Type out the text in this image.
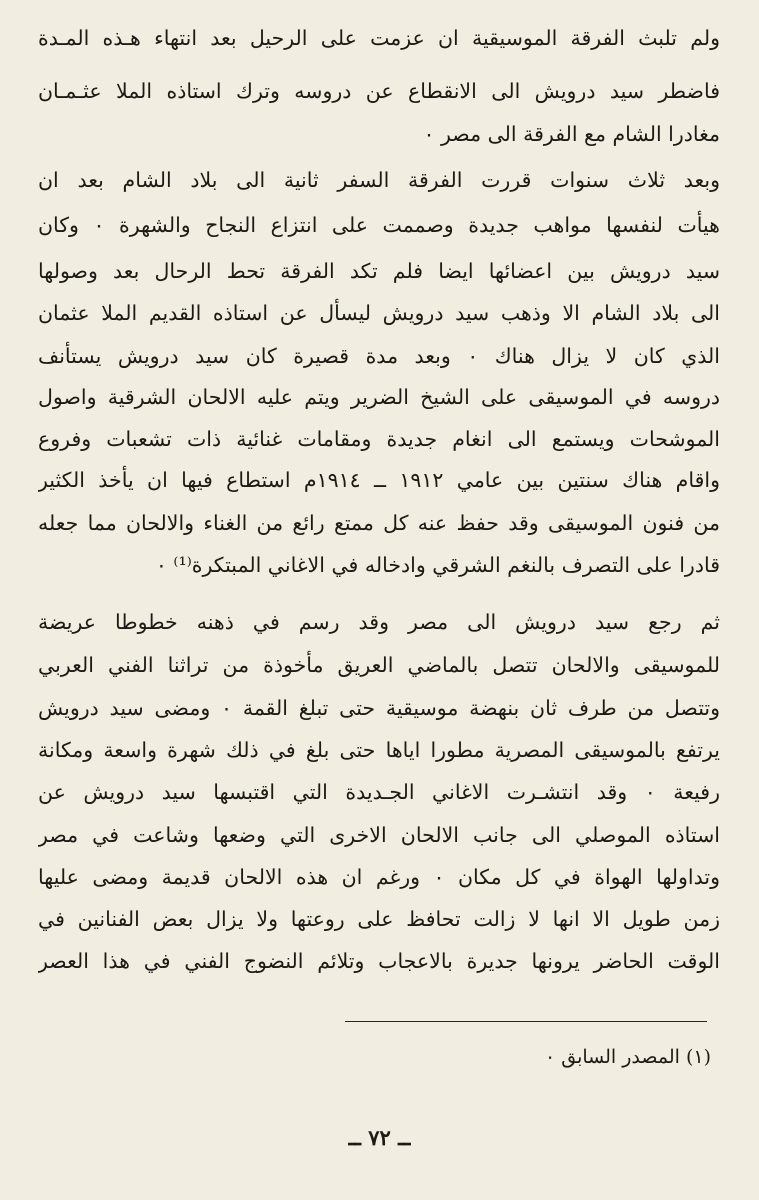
ولم تلبث الفرقة الموسيقية ان عزمت على الرحيل بعد انتهاء هـذه المـدة
فاضطر سيد درويش الى الانقطاع عن دروسه وترك استاذه الملا عثـمـان
مغادرا الشام مع الفرقة الى مصر ٠
وبعد ثلاث سنوات قررت الفرقة السفر ثانية الى بلاد الشام بعد ان
هيأت لنفسها مواهب جديدة وصممت على انتزاع النجاح والشهرة ٠ وكان
سيد درويش بين اعضائها ايضا فلم تكد الفرقة تحط الرحال بعد وصولها
الى بلاد الشام الا وذهب سيد درويش ليسأل عن استاذه القديم الملا عثمان
الذي كان لا يزال هناك ٠ وبعد مدة قصيرة كان سيد درويش يستأنف
دروسه في الموسيقى على الشيخ الضرير ويتم عليه الالحان الشرقية واصول
الموشحات ويستمع الى انغام جديدة ومقامات غنائية ذات تشعبات وفروع
واقام هناك سنتين بين عامي ١٩١٢ ــ ١٩١٤م استطاع فيها ان يأخذ الكثير
من فنون الموسيقى وقد حفظ عنه كل ممتع رائع من الغناء والالحان مما جعله
قادرا على التصرف بالنغم الشرقي وادخاله في الاغاني المبتكرة⁽¹⁾ ٠
ثم رجع سيد درويش الى مصر وقد رسم في ذهنه خطوطا عريضة
للموسيقى والالحان تتصل بالماضي العريق مأخوذة من تراثنا الفني العربي
وتتصل من طرف ثان بنهضة موسيقية حتى تبلغ القمة ٠ ومضى سيد درويش
يرتفع بالموسيقى المصرية مطورا اياها حتى بلغ في ذلك شهرة واسعة ومكانة
رفيعة ٠ وقد انتشـرت الاغاني الجـديدة التي اقتبسها سيد درويش عن
استاذه الموصلي الى جانب الالحان الاخرى التي وضعها وشاعت في مصر
وتداولها الهواة في كل مكان ٠ ورغم ان هذه الالحان قديمة ومضى عليها
زمن طويل الا انها لا زالت تحافظ على روعتها ولا يزال بعض الفنانين في
الوقت الحاضر يرونها جديرة بالاعجاب وتلائم النضوج الفني في هذا العصر
(١) المصدر السابق ٠
ــ ٧٢ ــ
